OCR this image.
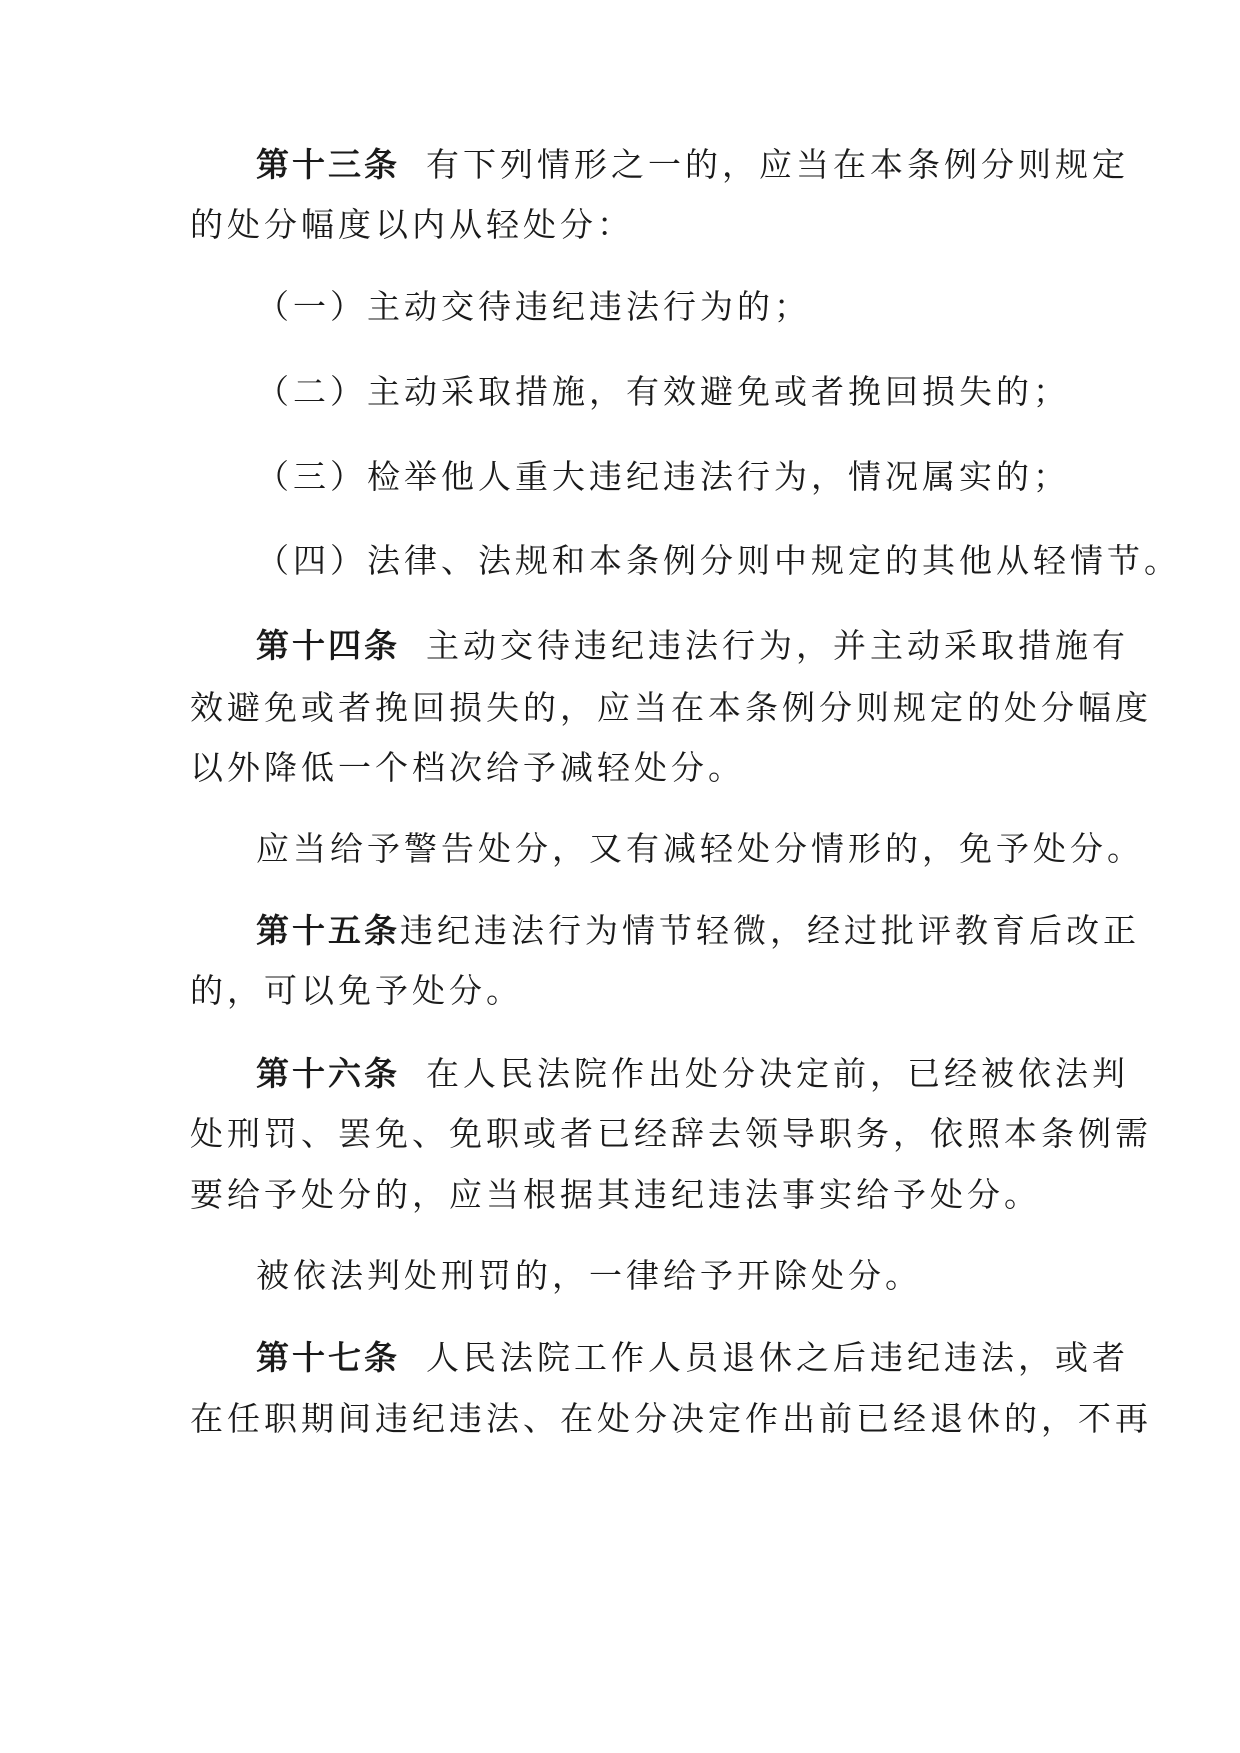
第十三条 有下列情形之一的，应当在本条例分则规定
的处分幅度以内从轻处分：
（一）主动交待违纪违法行为的；
（二）主动采取措施，有效避免或者挽回损失的；
（三）检举他人重大违纪违法行为，情况属实的；
（四）法律、法规和本条例分则中规定的其他从轻情节。
第十四条 主动交待违纪违法行为，并主动采取措施有
效避免或者挽回损失的，应当在本条例分则规定的处分幅度
以外降低一个档次给予减轻处分。
应当给予警告处分，又有减轻处分情形的，免予处分。
第十五条违纪违法行为情节轻微，经过批评教育后改正
的，可以免予处分。
第十六条 在人民法院作出处分决定前，已经被依法判
处刑罚、罢免、免职或者已经辞去领导职务，依照本条例需
要给予处分的，应当根据其违纪违法事实给予处分。
被依法判处刑罚的，一律给予开除处分。
第十七条 人民法院工作人员退休之后违纪违法，或者
在任职期间违纪违法、在处分决定作出前已经退休的，不再
